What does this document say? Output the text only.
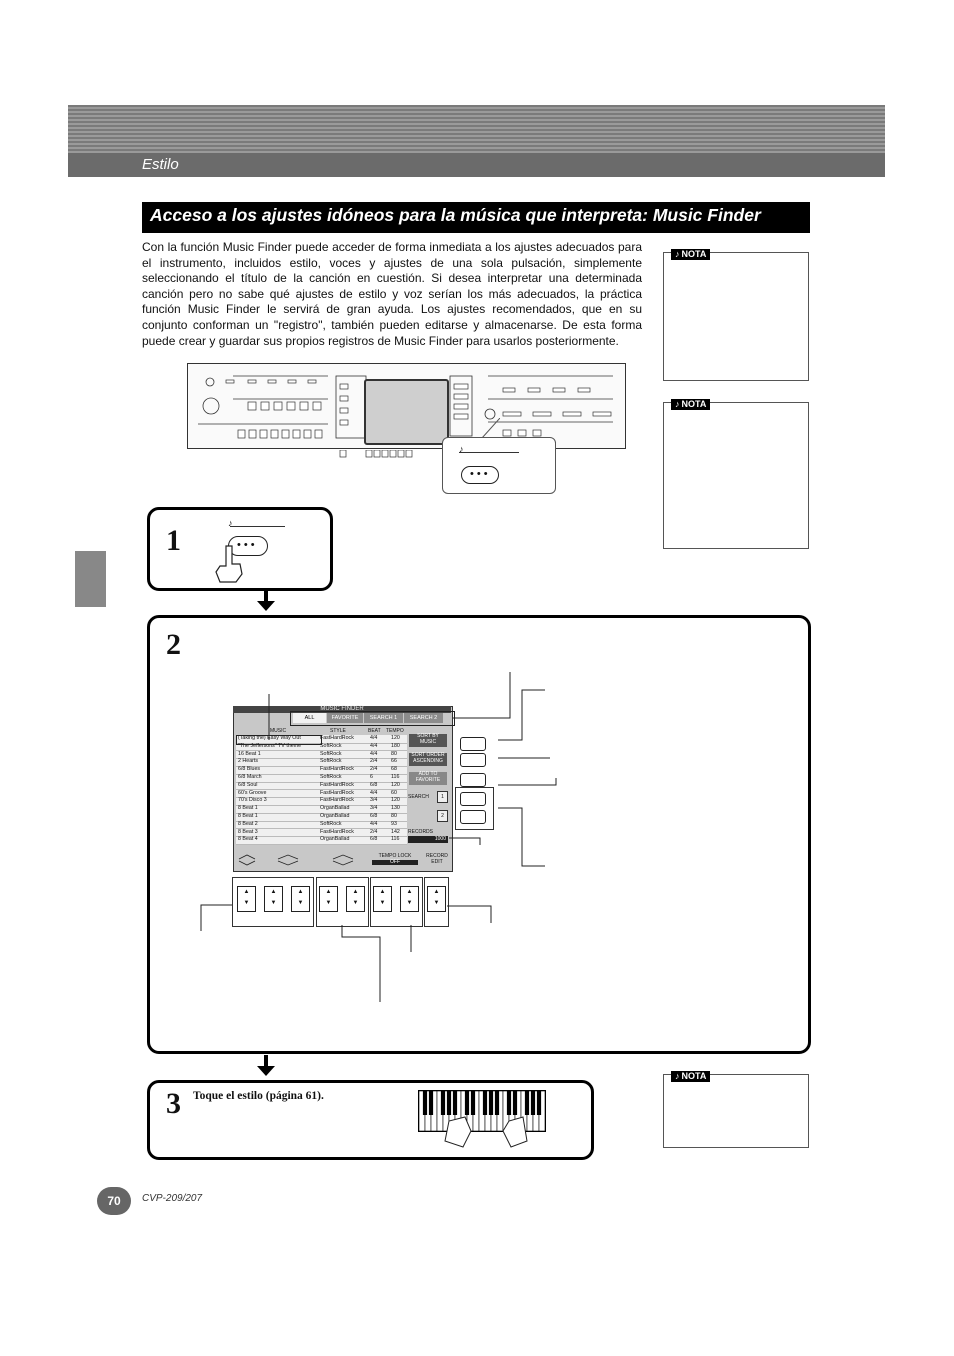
Estilo
Acceso a los ajustes idóneos para la música que interpreta: Music Finder
Con la función Music Finder puede acceder de forma inmediata a los ajustes adecuados para el instrumento, incluidos estilo, voces y ajustes de una sola pulsación, simplemente seleccionando el título de la canción en cuestión. Si desea interpretar una determinada canción pero no sabe qué ajustes de estilo y voz serían los más adecuados, la práctica función Music Finder le servirá de gran ayuda. Los ajustes recomendados, que en su conjunto conforman un "registro", también pueden editarse y almacenarse. De esta forma puede crear y guardar sus propios registros de Music Finder para usarlos posteriormente.
♪ NOTA
♪ NOTA
♪ NOTA
♪
•••
1
♪
•••
2
MUSIC FINDER
ALL	FAVORITE	SEARCH 1	SEARCH 2
MUSIC	STYLE	BEAT TEMPO
(Taking the) Easy Way Out	FastHardRock	4/4	120
"The Jeffersons" TV theme	SoftRock	4/4	180
16 Beat 1	SoftRock	4/4	80
2 Hearts	SoftRock	2/4	66
6/8 Blues	FastHardRock	2/4	68
6/8 March	SoftRock	6	116
6/8 Soul	FastHardRock	6/8	120
60's Groove	FastHardRock	4/4	60
70's Disco 3	FastHardRock	3/4	120
8 Beat 1	OrganBallad	3/4	130
8 Beat 1	OrganBallad	6/8	80
8 Beat 2	SoftRock	4/4	93
8 Beat 3	FastHardRock	2/4	142
8 Beat 4	OrganBallad	6/8	116
SORT BY
MUSIC
SORT ORDER
ASCENDING
ADD TO
FAVORITE
SEARCH	1
2
RECORDS
1000
TEMPO LOCK
OFF
RECORD
EDIT
▲
▼
▲
▼
▲
▼
▲
▼
▲
▼
▲
▼
▲
▼
▲
▼
3 Toque el estilo (página 61).
70	CVP-209/207
